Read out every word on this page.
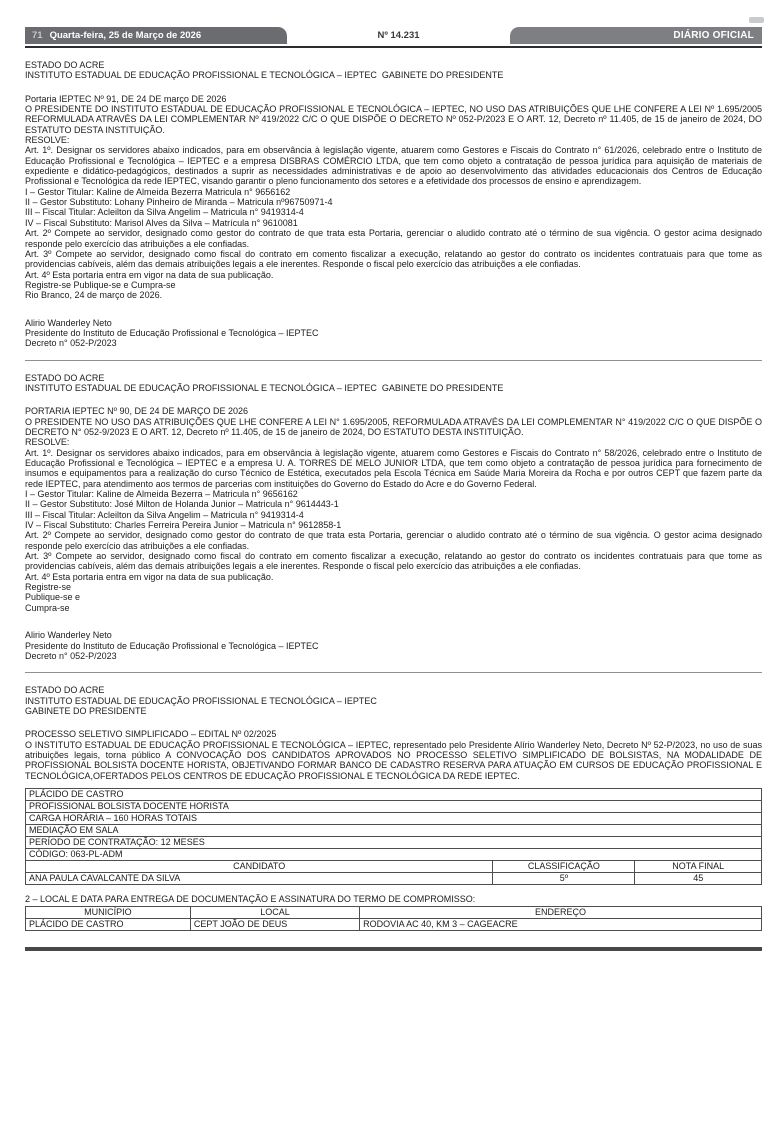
71 Quarta-feira, 25 de Março de 2026	Nº 14.231	DIÁRIO OFICIAL

ESTADO DO ACRE

INSTITUTO ESTADUAL DE EDUCAÇÃO PROFISSIONAL E TECNOLÓGICA – IEPTEC  GABINETE DO PRESIDENTE

Portaria IEPTEC Nº 91, DE 24 DE março DE 2026

O PRESIDENTE DO INSTITUTO ESTADUAL DE EDUCAÇÃO PROFISSIONAL E TECNOLÓGICA – IEPTEC, NO USO DAS ATRIBUIÇÕES QUE LHE CONFERE A LEI Nº 1.695/2005 REFORMULADA ATRAVÉS DA LEI COMPLEMENTAR Nº 419/2022 C/C O QUE DISPÕE O DECRETO Nº 052-P/2023 E O ART. 12, Decreto nº 11.405, de 15 de janeiro de 2024, DO ESTATUTO DESTA INSTITUIÇÃO.

RESOLVE:

Art. 1º. Designar os servidores abaixo indicados, para em observância à legislação vigente, atuarem como Gestores e Fiscais do Contrato n° 61/2026, celebrado entre o Instituto de Educação Profissional e Tecnológica – IEPTEC e a empresa DISBRAS COMÉRCIO LTDA, que tem como objeto a contratação de pessoa jurídica para aquisição de materiais de expediente e didático-pedagógicos, destinados a suprir as necessidades administrativas e de apoio ao desenvolvimento das atividades educacionais dos Centros de Educação Profissional e Tecnológica da rede IEPTEC, visando garantir o pleno funcionamento dos setores e a efetividade dos processos de ensino e aprendizagem.

I – Gestor Titular: Kaline de Almeida Bezerra Matricula n° 9656162

II – Gestor Substituto: Lohany Pinheiro de Miranda – Matricula nº96750971-4

III – Fiscal Titular: Acleilton da Silva Angelim – Matricula n° 9419314-4

IV – Fiscal Substituto: Marisol Alves da Silva – Matrícula n° 9610081

Art. 2º Compete ao servidor, designado como gestor do contrato de que trata esta Portaria, gerenciar o aludido contrato até o término de sua vigência. O gestor acima designado responde pelo exercício das atribuições a ele confiadas.

Art. 3º Compete ao servidor, designado como fiscal do contrato em comento fiscalizar a execução, relatando ao gestor do contrato os incidentes contratuais para que tome as providencias cabíveis, além das demais atribuições legais a ele inerentes. Responde o fiscal pelo exercício das atribuições a ele confiadas.

Art. 4º Esta portaria entra em vigor na data de sua publicação.

Registre-se Publique-se e Cumpra-se

Rio Branco, 24 de março de 2026.

Alirio Wanderley Neto

Presidente do Instituto de Educação Profissional e Tecnológica – IEPTEC

Decreto n° 052-P/2023

ESTADO DO ACRE

INSTITUTO ESTADUAL DE EDUCAÇÃO PROFISSIONAL E TECNOLÓGICA – IEPTEC  GABINETE DO PRESIDENTE

PORTARIA IEPTEC Nº 90, DE 24 DE MARÇO DE 2026

O PRESIDENTE NO USO DAS ATRIBUIÇÕES QUE LHE CONFERE A LEI N° 1.695/2005, REFORMULADA ATRAVÉS DA LEI COMPLEMENTAR N° 419/2022 C/C O QUE DISPÕE O DECRETO N° 052-9/2023 E O ART. 12, Decreto nº 11.405, de 15 de janeiro de 2024, DO ESTATUTO DESTA INSTITUIÇÃO.

RESOLVE:

Art. 1º. Designar os servidores abaixo indicados, para em observância à legislação vigente, atuarem como Gestores e Fiscais do Contrato n° 58/2026, celebrado entre o Instituto de Educação Profissional e Tecnológica – IEPTEC e a empresa U. A. TORRES DE MELO JUNIOR LTDA, que tem como objeto a contratação de pessoa jurídica para fornecimento de insumos e equipamentos para a realização do curso Técnico de Estética, executados pela Escola Técnica em Saúde Maria Moreira da Rocha e por outros CEPT que fazem parte da rede IEPTEC, para atendimento aos termos de parcerias com instituições do Governo do Estado do Acre e do Governo Federal.

I – Gestor Titular: Kaline de Almeida Bezerra – Matricula n° 9656162

II – Gestor Substituto: José Milton de Holanda Junior – Matricula n° 9614443-1

III – Fiscal Titular: Acleilton da Silva Angelim – Matricula n° 9419314-4

IV – Fiscal Substituto: Charles Ferreira Pereira Junior – Matricula n° 9612858-1

Art. 2º Compete ao servidor, designado como gestor do contrato de que trata esta Portaria, gerenciar o aludido contrato até o término de sua vigência. O gestor acima designado responde pelo exercício das atribuições a ele confiadas.

Art. 3º Compete ao servidor, designado como fiscal do contrato em comento fiscalizar a execução, relatando ao gestor do contrato os incidentes contratuais para que tome as providencias cabíveis, além das demais atribuições legais a ele inerentes. Responde o fiscal pelo exercício das atribuições a ele confiadas.

Art. 4º Esta portaria entra em vigor na data de sua publicação.

Registre-se

Publique-se e

Cumpra-se

Alirio Wanderley Neto

Presidente do Instituto de Educação Profissional e Tecnológica – IEPTEC

Decreto n° 052-P/2023

ESTADO DO ACRE

INSTITUTO ESTADUAL DE EDUCAÇÃO PROFISSIONAL E TECNOLÓGICA – IEPTEC

GABINETE DO PRESIDENTE

PROCESSO SELETIVO SIMPLIFICADO – EDITAL Nº 02/2025

O INSTITUTO ESTADUAL DE EDUCAÇÃO PROFISSIONAL E TECNOLÓGICA – IEPTEC, representado pelo Presidente Alírio Wanderley Neto, Decreto Nº 52-P/2023, no uso de suas atribuições legais, torna público A CONVOCAÇÃO DOS CANDIDATOS APROVADOS NO PROCESSO SELETIVO SIMPLIFICADO DE BOLSISTAS, NA MODALIDADE DE PROFISSIONAL BOLSISTA DOCENTE HORISTA, OBJETIVANDO FORMAR BANCO DE CADASTRO RESERVA PARA ATUAÇÃO EM CURSOS DE EDUCAÇÃO PROFISSIONAL E TECNOLÓGICA,OFERTADOS PELOS CENTROS DE EDUCAÇÃO PROFISSIONAL E TECNOLÓGICA DA REDE IEPTEC.

PLÁCIDO DE CASTRO		
PROFISSIONAL BOLSISTA DOCENTE HORISTA		
CARGA HORÁRIA – 160 HORAS TOTAIS		
MEDIAÇÃO EM SALA		
PERÍODO DE CONTRATAÇÃO: 12 MESES		
CÓDIGO: 063-PL-ADM		
CANDIDATO	CLASSIFICAÇÃO	NOTA FINAL
ANA PAULA CAVALCANTE DA SILVA	5º	45

2 – LOCAL E DATA PARA ENTREGA DE DOCUMENTAÇÃO E ASSINATURA DO TERMO DE COMPROMISSO:

MUNICÍPIO	LOCAL	ENDEREÇO
PLÁCIDO DE CASTRO	CEPT JOÃO DE DEUS	RODOVIA AC 40, KM 3 – CAGEACRE
